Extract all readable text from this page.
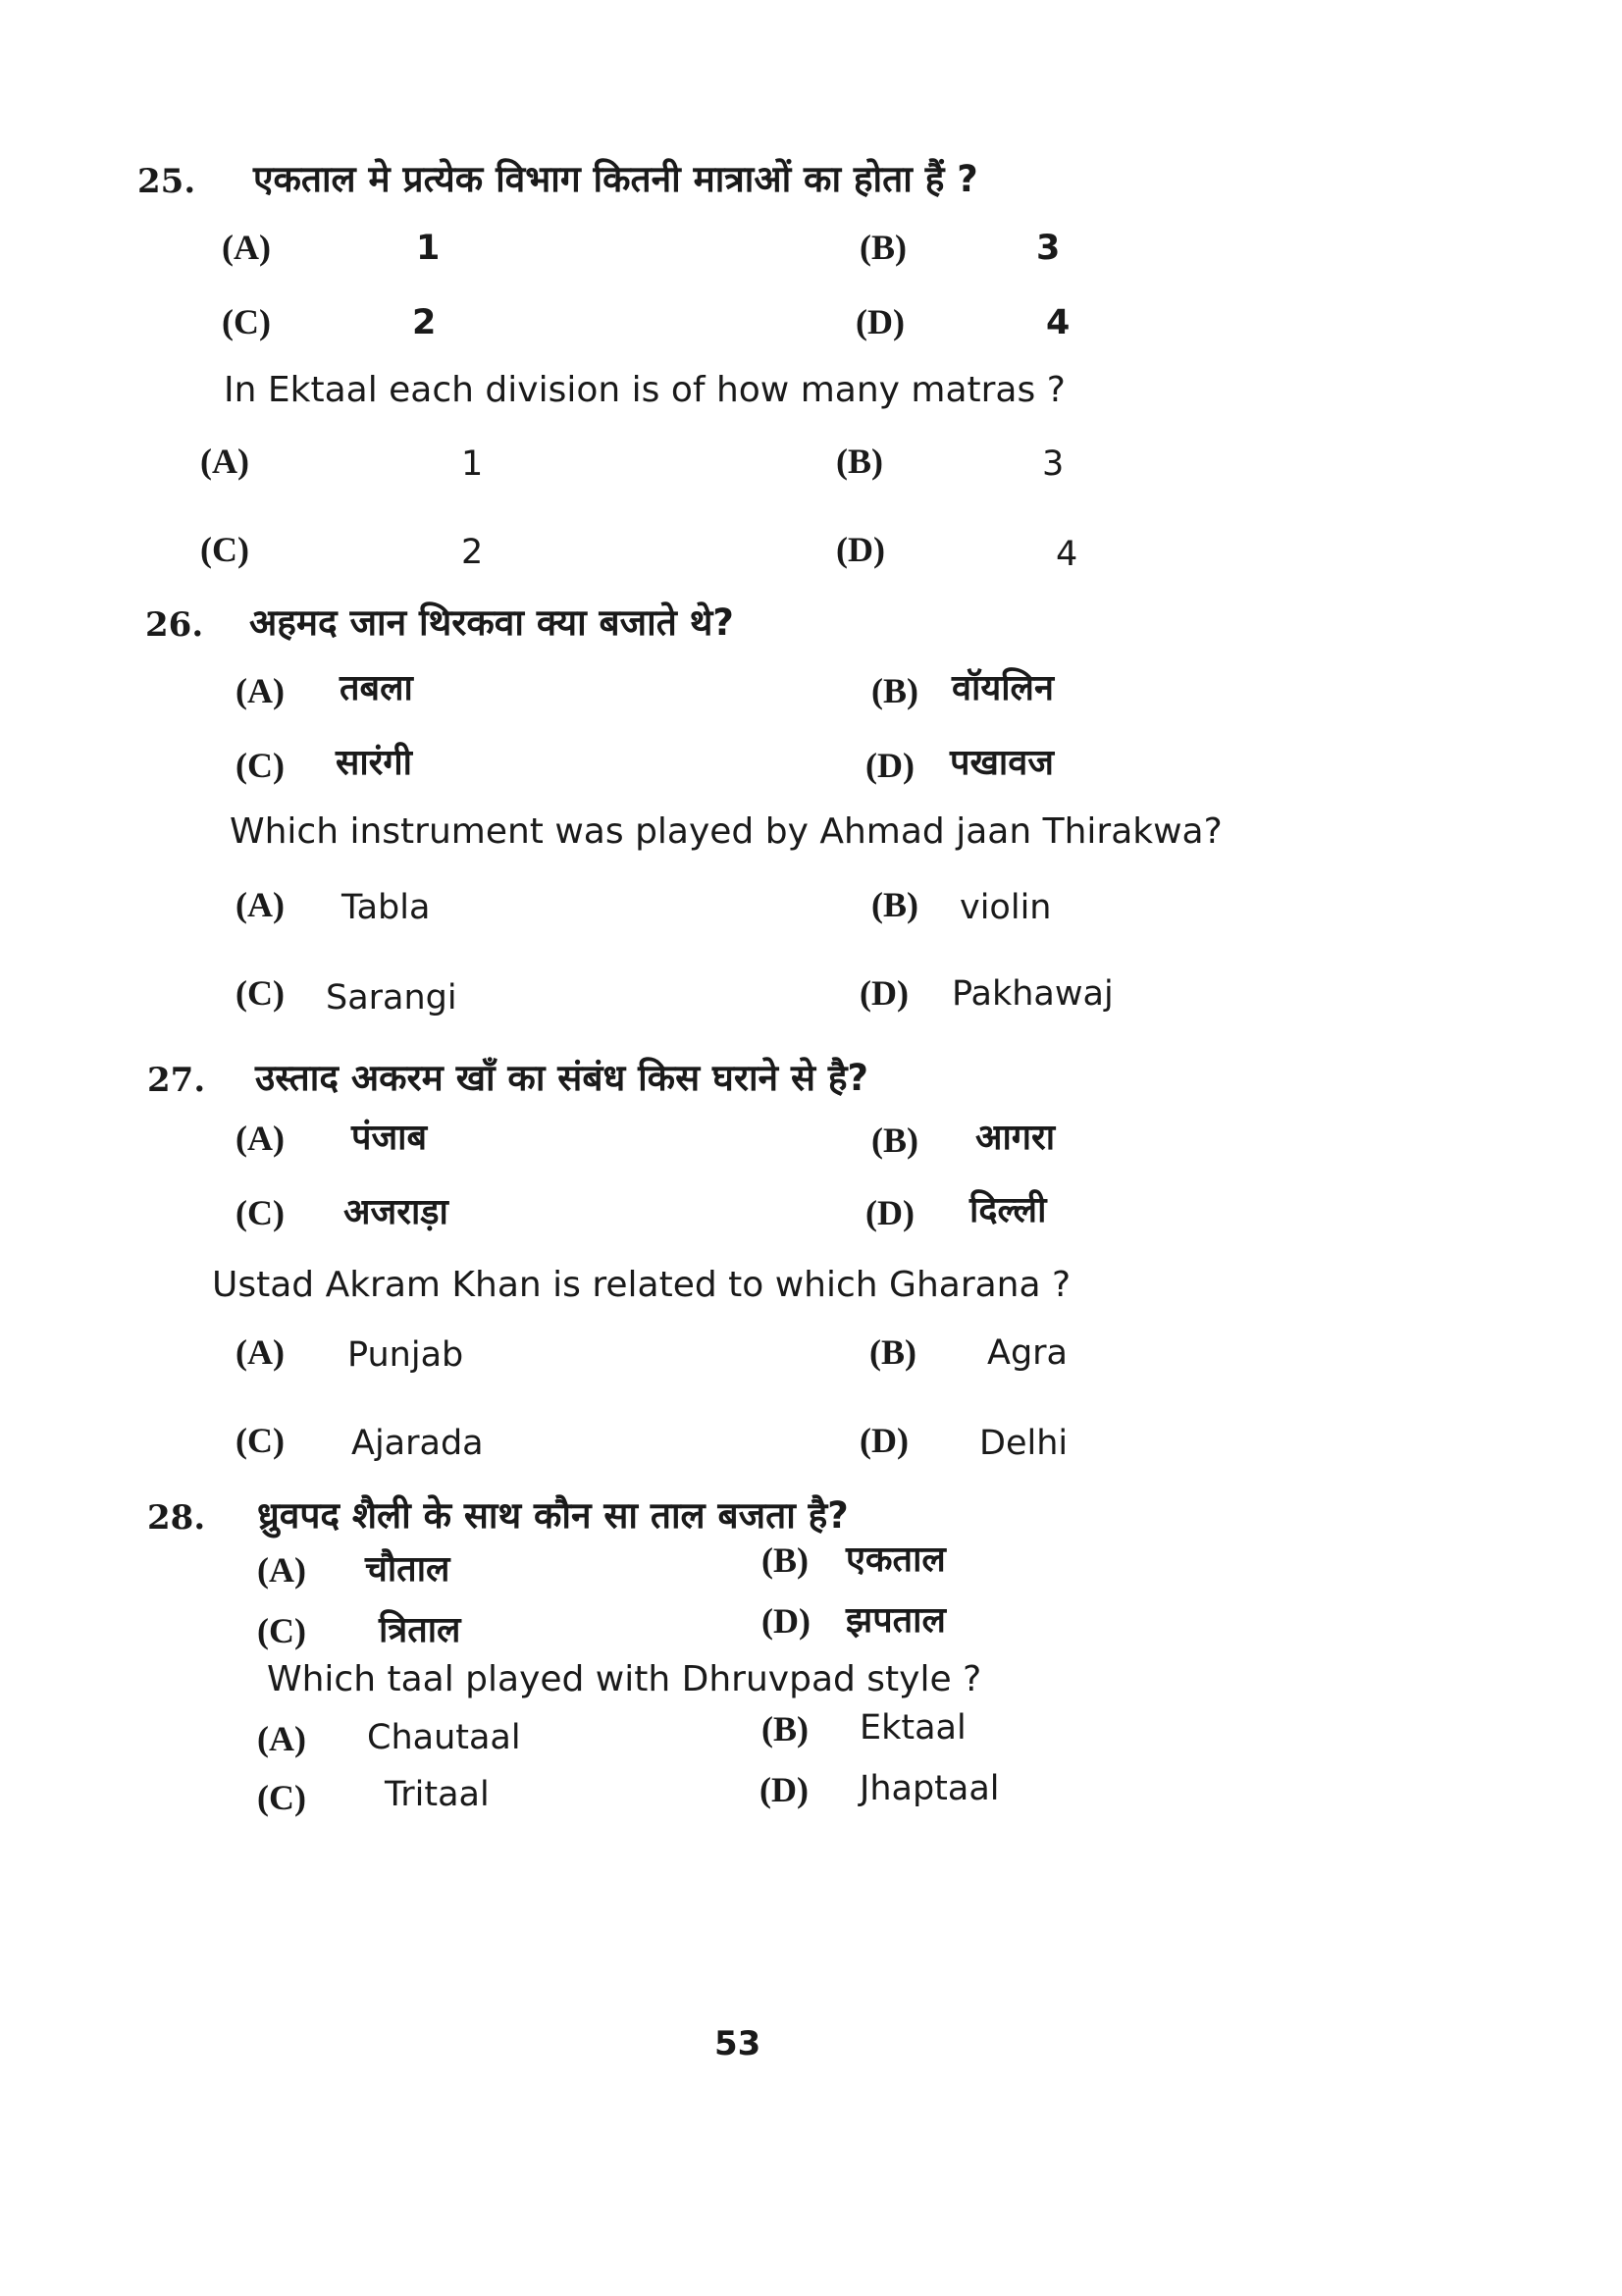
25. एकताल मे प्रत्येक विभाग कितनी मात्राओं का होता हैं ?
(A)	1	(B)	3
(C)	2	(D)	4
In Ektaal each division is of how many matras ?
(A)	1	(B)	3
(C)	2	(D)	4
26. अहमद जान थिरकवा क्या बजाते थे?
(A) तबला	(B) वॉयलिन
(C) सारंगी	(D) पखावज
Which instrument was played by Ahmad jaan Thirakwa?
(A) Tabla	(B) violin
(C) Sarangi	(D) Pakhawaj
27. उस्ताद अकरम खाँ का संबंध किस घराने से है?
(A) पंजाब	(B) आगरा
(C) अजराड़ा	(D) दिल्ली
Ustad Akram Khan is related to which Gharana ?
(A) Punjab	(B) Agra
(C) Ajarada	(D) Delhi
28. ध्रुवपद शैली के साथ कौन सा ताल बजता है?
(A) चौताल	(B) एकताल
(C) त्रिताल	(D) झपताल
Which taal played with Dhruvpad style ?
(A) Chautaal	(B) Ektaal
(C) Tritaal	(D) Jhaptaal
53
